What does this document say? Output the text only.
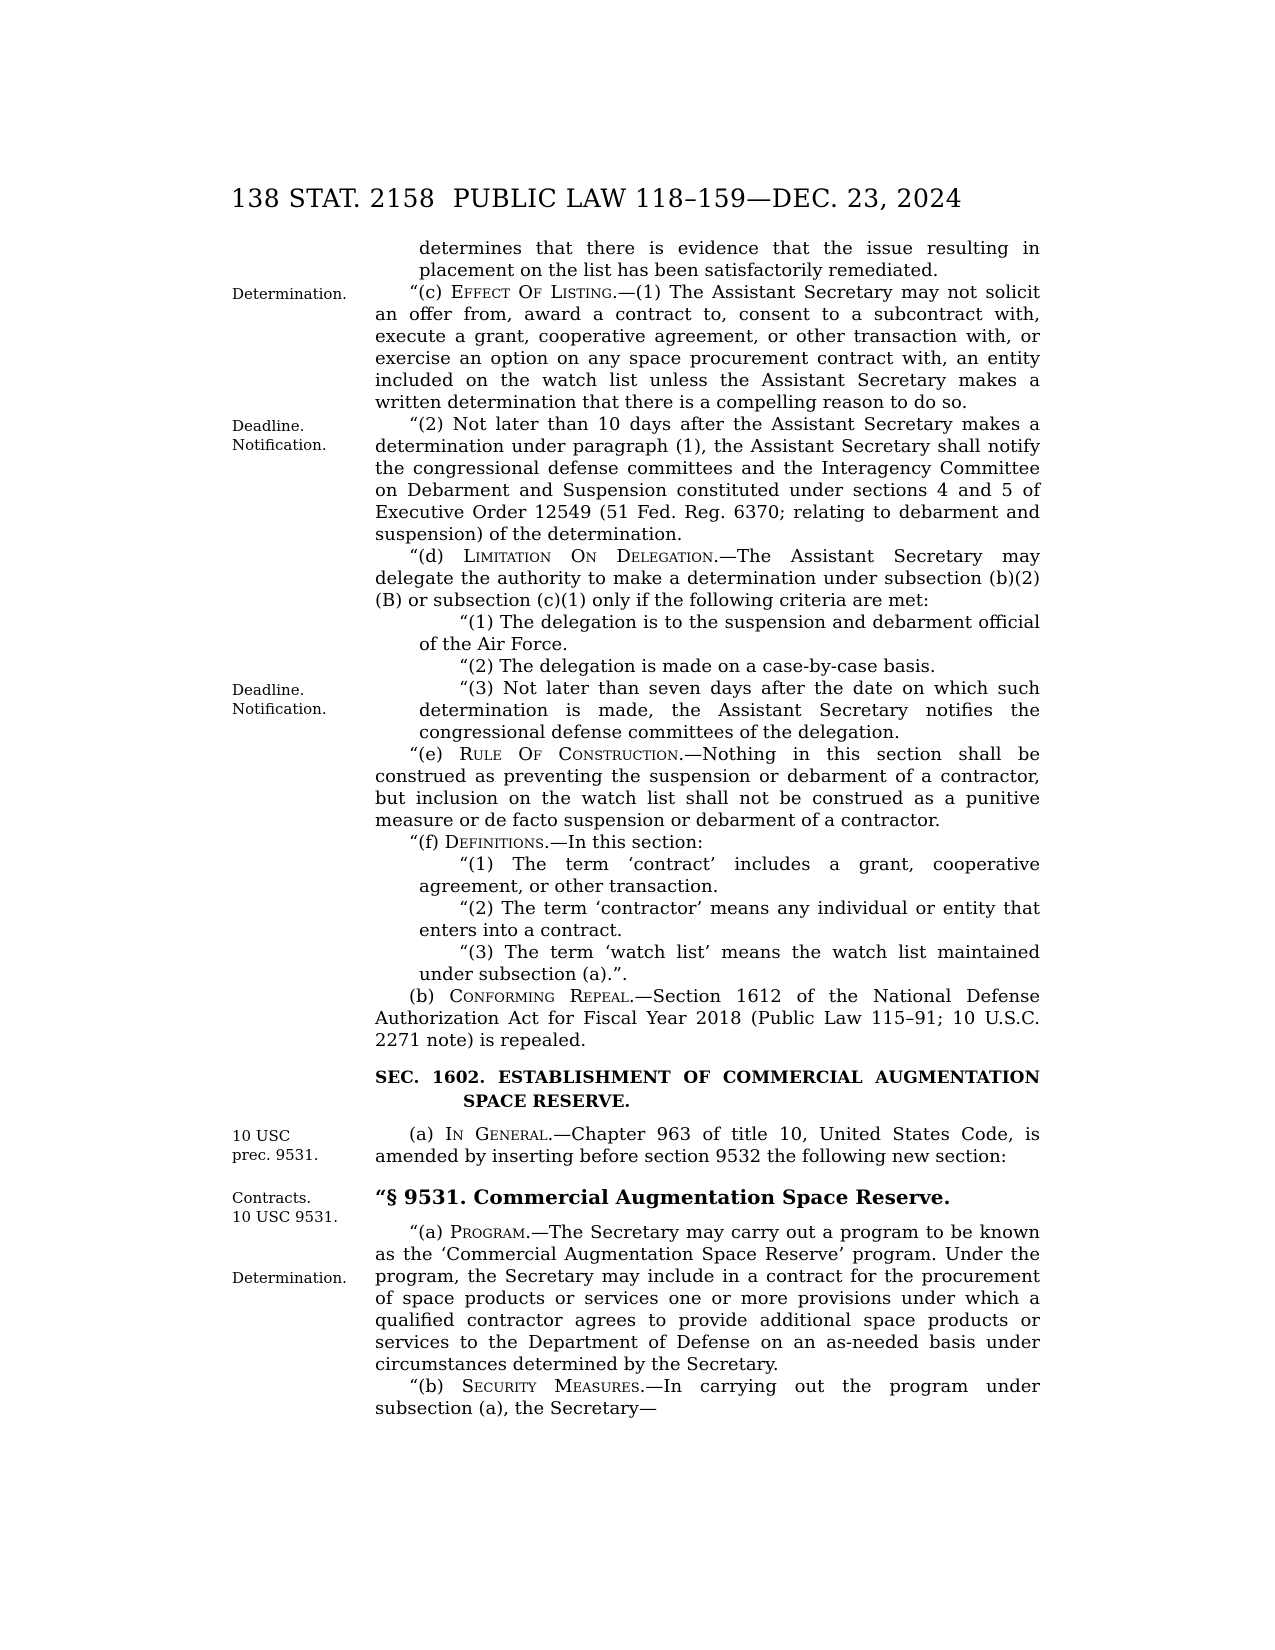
138 STAT. 2158 PUBLIC LAW 118–159—DEC. 23, 2024

determines that there is evidence that the issue resulting in placement on the list has been satisfactorily remediated.

Determination.	“(c) Effect Of Listing.—(1) The Assistant Secretary may not solicit an offer from, award a contract to, consent to a subcontract with, execute a grant, cooperative agreement, or other transaction with, or exercise an option on any space procurement contract with, an entity included on the watch list unless the Assistant Secretary makes a written determination that there is a compelling reason to do so.

Deadline.
Notification.

“(2) Not later than 10 days after the Assistant Secretary makes a determination under paragraph (1), the Assistant Secretary shall notify the congressional defense committees and the Interagency Committee on Debarment and Suspension constituted under sections 4 and 5 of Executive Order 12549 (51 Fed. Reg. 6370; relating to debarment and suspension) of the determination.

“(d) Limitation On Delegation.—The Assistant Secretary may delegate the authority to make a determination under subsection (b)(2)(B) or subsection (c)(1) only if the following criteria are met:

“(1) The delegation is to the suspension and debarment official of the Air Force.

“(2) The delegation is made on a case-by-case basis.

Deadline.
Notification.

“(3) Not later than seven days after the date on which such determination is made, the Assistant Secretary notifies the congressional defense committees of the delegation.

“(e) Rule Of Construction.—Nothing in this section shall be construed as preventing the suspension or debarment of a contractor, but inclusion on the watch list shall not be construed as a punitive measure or de facto suspension or debarment of a contractor.

“(f) Definitions.—In this section:

“(1) The term ‘contract’ includes a grant, cooperative agreement, or other transaction.

“(2) The term ‘contractor’ means any individual or entity that enters into a contract.

“(3) The term ‘watch list’ means the watch list maintained under subsection (a).”.

(b) Conforming Repeal.—Section 1612 of the National Defense Authorization Act for Fiscal Year 2018 (Public Law 115–91; 10 U.S.C. 2271 note) is repealed.

SEC. 1602. ESTABLISHMENT OF COMMERCIAL AUGMENTATION SPACE RESERVE.
10 USC
prec. 9531.

(a) In General.—Chapter 963 of title 10, United States Code, is amended by inserting before section 9532 the following new section:

Contracts.
10 USC 9531.
“§ 9531. Commercial Augmentation Space Reserve.
Determination.

“(a) Program.—The Secretary may carry out a program to be known as the ‘Commercial Augmentation Space Reserve’ program. Under the program, the Secretary may include in a contract for the procurement of space products or services one or more provisions under which a qualified contractor agrees to provide additional space products or services to the Department of Defense on an as-needed basis under circumstances determined by the Secretary.

“(b) Security Measures.—In carrying out the program under subsection (a), the Secretary—
